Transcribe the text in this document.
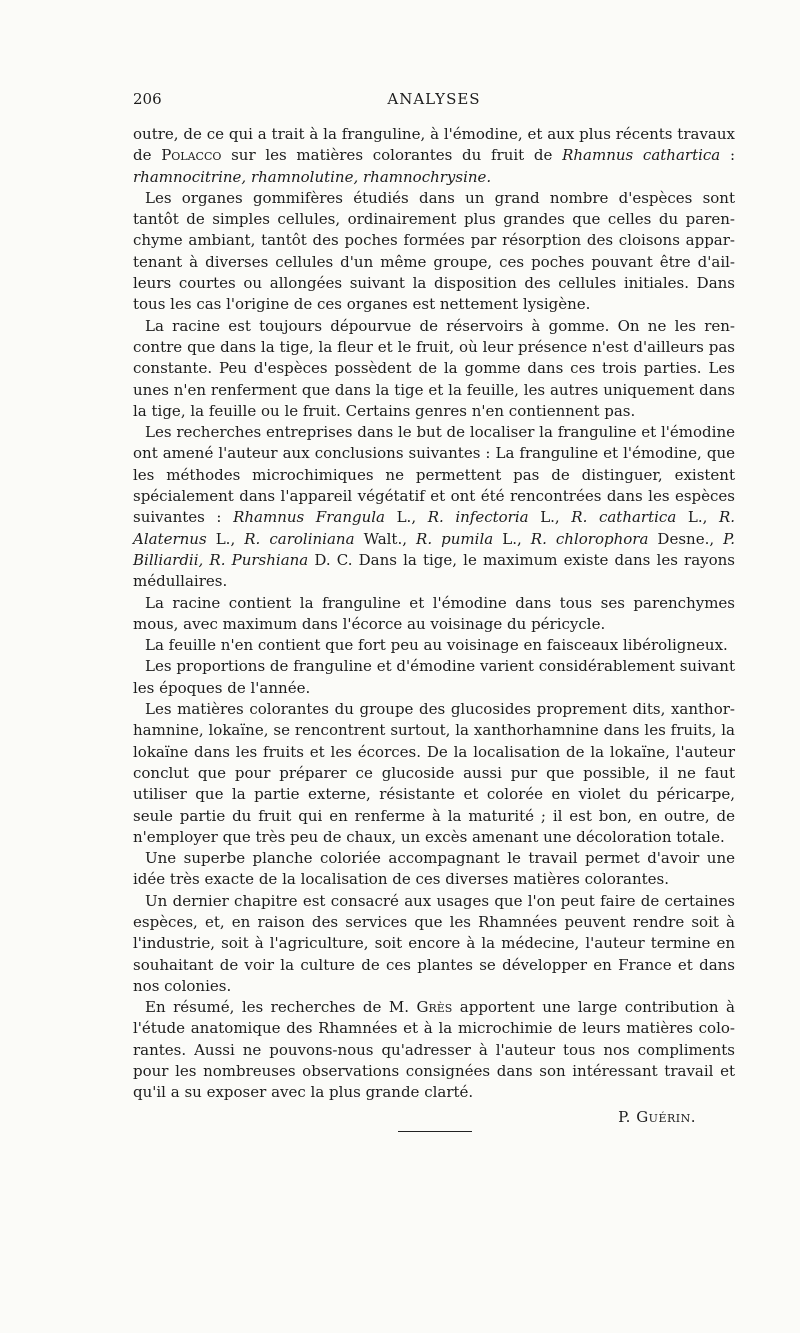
206	ANALYSES

outre, de ce qui a trait à la franguline, à l'émodine, et aux plus récents travaux de Polacco sur les matières colorantes du fruit de Rhamnus cathartica : rhamnocitrine, rhamnolutine, rhamnochrysine.

Les organes gommifères étudiés dans un grand nombre d'espèces sont tantôt de simples cellules, ordinairement plus grandes que celles du parenchyme ambiant, tantôt des poches formées par résorption des cloisons appartenant à diverses cellules d'un même groupe, ces poches pouvant être d'ailleurs courtes ou allongées suivant la disposition des cellules initiales. Dans tous les cas l'origine de ces organes est nettement lysigène.

La racine est toujours dépourvue de réservoirs à gomme. On ne les rencontre que dans la tige, la fleur et le fruit, où leur présence n'est d'ailleurs pas constante. Peu d'espèces possèdent de la gomme dans ces trois parties. Les unes n'en renferment que dans la tige et la feuille, les autres uniquement dans la tige, la feuille ou le fruit. Certains genres n'en contiennent pas.

Les recherches entreprises dans le but de localiser la franguline et l'émodine ont amené l'auteur aux conclusions suivantes : La franguline et l'émodine, que les méthodes microchimiques ne permettent pas de distinguer, existent spécialement dans l'appareil végétatif et ont été rencontrées dans les espèces suivantes : Rhamnus Frangula L., R. infectoria L., R. cathartica L., R. Alaternus L., R. caroliniana Walt., R. pumila L., R. chlorophora Desne., P. Billiardii, R. Purshiana D. C. Dans la tige, le maximum existe dans les rayons médullaires.

La racine contient la franguline et l'émodine dans tous ses parenchymes mous, avec maximum dans l'écorce au voisinage du péricycle.

La feuille n'en contient que fort peu au voisinage en faisceaux libéroligneux.

Les proportions de franguline et d'émodine varient considérablement suivant les époques de l'année.

Les matières colorantes du groupe des glucosides proprement dits, xanthorhamnine, lokaïne, se rencontrent surtout, la xanthorhamnine dans les fruits, la lokaïne dans les fruits et les écorces. De la localisation de la lokaïne, l'auteur conclut que pour préparer ce glucoside aussi pur que possible, il ne faut utiliser que la partie externe, résistante et colorée en violet du péricarpe, seule partie du fruit qui en renferme à la maturité ; il est bon, en outre, de n'employer que très peu de chaux, un excès amenant une décoloration totale.

Une superbe planche coloriée accompagnant le travail permet d'avoir une idée très exacte de la localisation de ces diverses matières colorantes.

Un dernier chapitre est consacré aux usages que l'on peut faire de certaines espèces, et, en raison des services que les Rhamnées peuvent rendre soit à l'industrie, soit à l'agriculture, soit encore à la médecine, l'auteur termine en souhaitant de voir la culture de ces plantes se développer en France et dans nos colonies.

En résumé, les recherches de M. Grès apportent une large contribution à l'étude anatomique des Rhamnées et à la microchimie de leurs matières colorantes. Aussi ne pouvons-nous qu'adresser à l'auteur tous nos compliments pour les nombreuses observations consignées dans son intéressant travail et qu'il a su exposer avec la plus grande clarté.

P. Guérin.
